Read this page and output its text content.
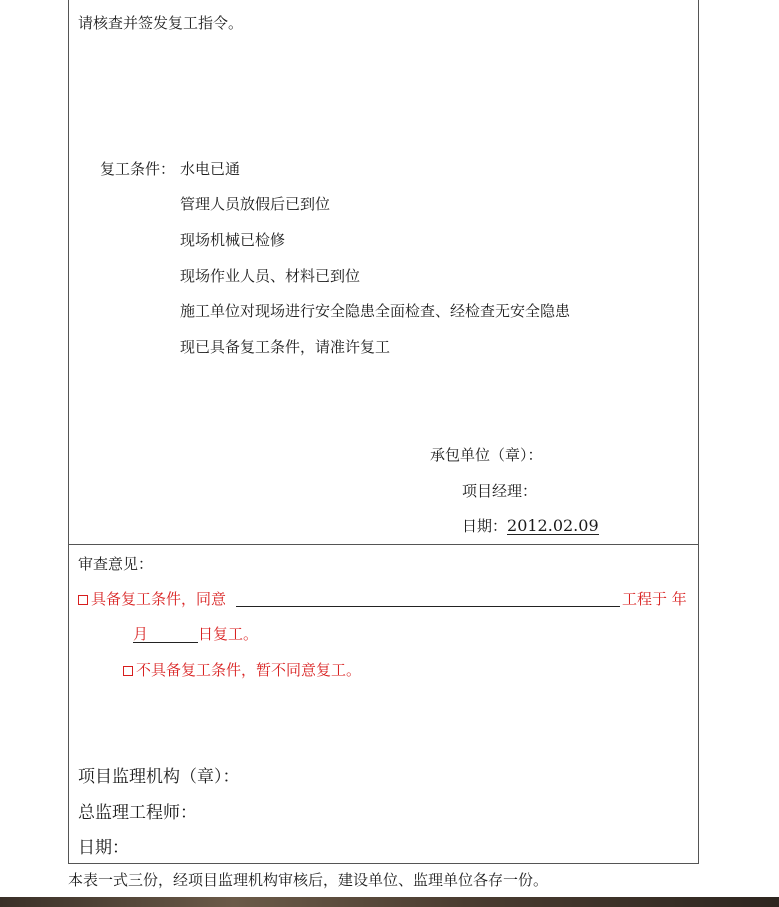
请核查并签发复工指令。
复工条件： 水电已通
管理人员放假后已到位
现场机械已检修
现场作业人员、材料已到位
施工单位对现场进行安全隐患全面检查、经检查无安全隐患
现已具备复工条件，请准许复工
承包单位（章）：
项目经理：
日期：2012.02.09
审查意见：
具备复工条件，同意	工程于 年
月	日复工。
不具备复工条件，暂不同意复工。
项目监理机构（章）：
总监理工程师：
日期：
本表一式三份，经项目监理机构审核后，建设单位、监理单位各存一份。
